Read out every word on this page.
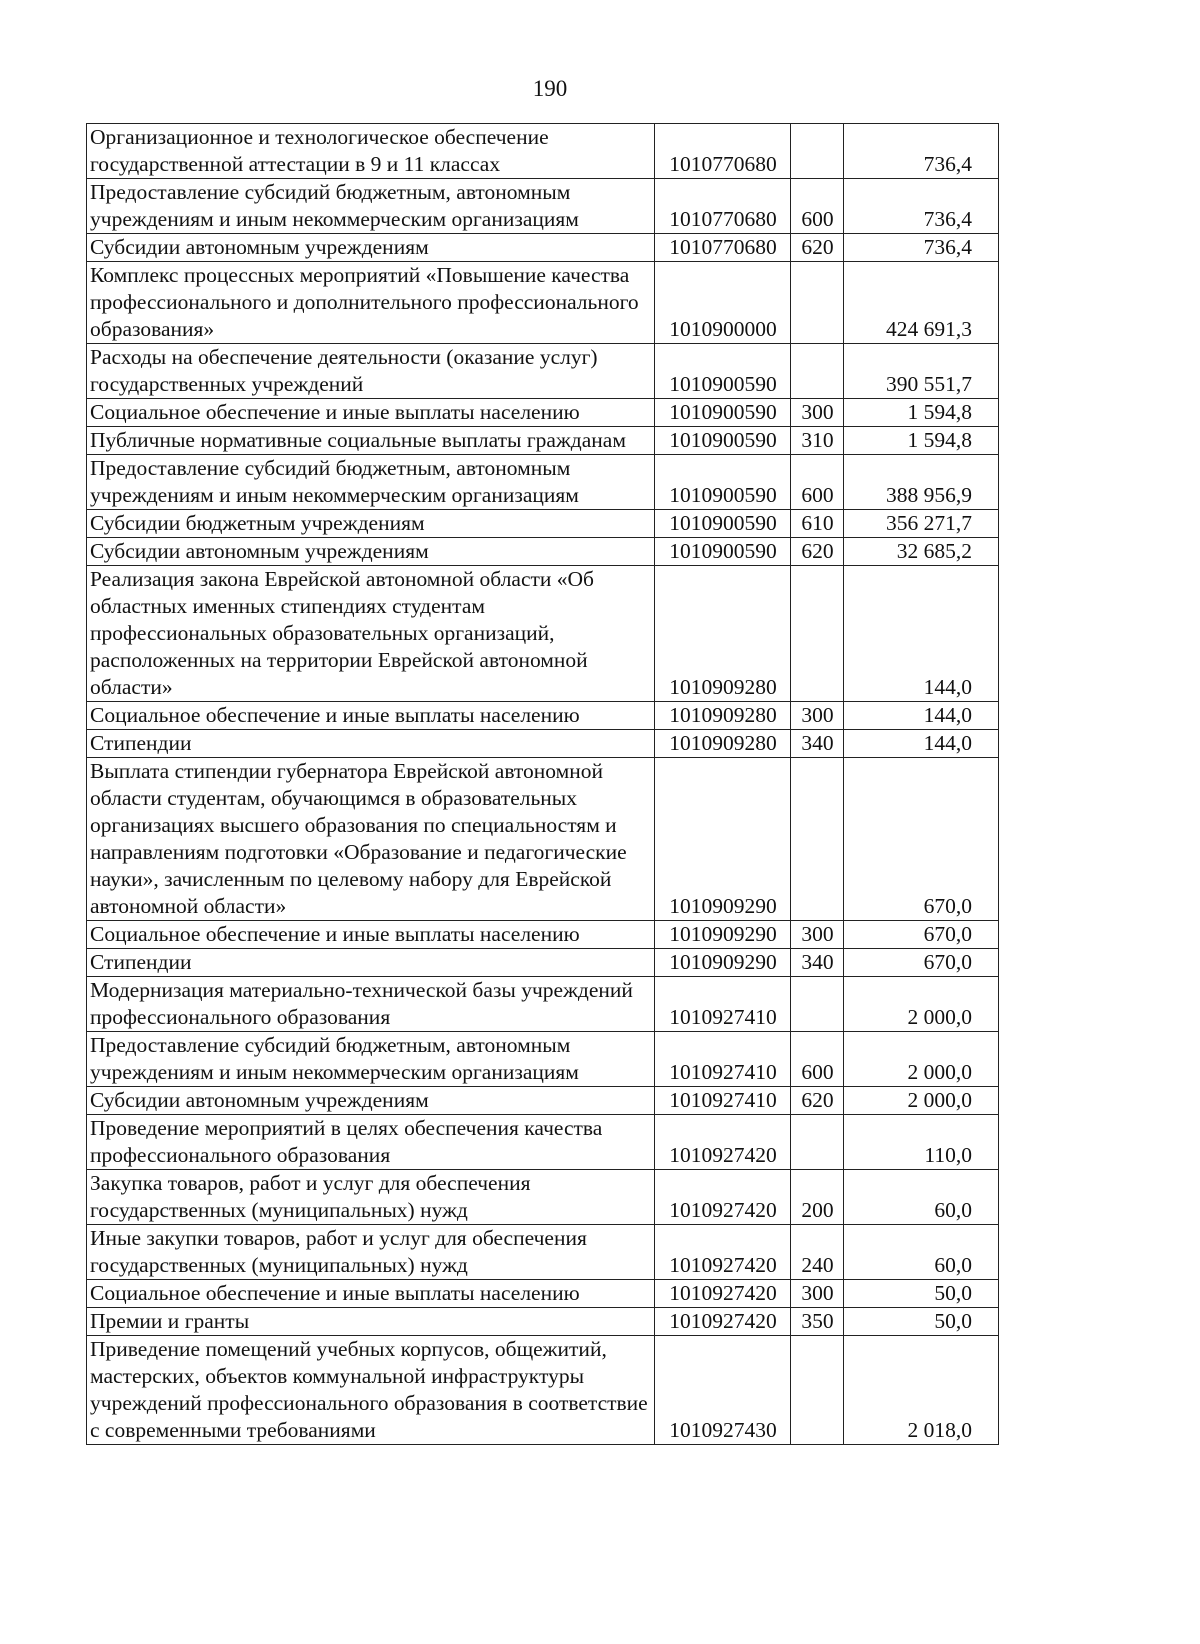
190
Организационное и технологическое обеспечение государственной аттестации в 9 и 11 классах	1010770680		736,4
Предоставление субсидий бюджетным, автономным учреждениям и иным некоммерческим организациям	1010770680	600	736,4
Субсидии автономным учреждениям	1010770680	620	736,4
Комплекс процессных мероприятий «Повышение качества профессионального и дополнительного профессионального образования»	1010900000		424 691,3
Расходы на обеспечение деятельности (оказание услуг) государственных учреждений	1010900590		390 551,7
Социальное обеспечение и иные выплаты населению	1010900590	300	1 594,8
Публичные нормативные социальные выплаты гражданам	1010900590	310	1 594,8
Предоставление субсидий бюджетным, автономным учреждениям и иным некоммерческим организациям	1010900590	600	388 956,9
Субсидии бюджетным учреждениям	1010900590	610	356 271,7
Субсидии автономным учреждениям	1010900590	620	32 685,2
Реализация закона Еврейской автономной области «Об областных именных стипендиях студентам профессиональных образовательных организаций, расположенных на территории Еврейской автономной области»	1010909280		144,0
Социальное обеспечение и иные выплаты населению	1010909280	300	144,0
Стипендии	1010909280	340	144,0
Выплата стипендии губернатора Еврейской автономной области студентам, обучающимся в образовательных организациях высшего образования по специальностям и направлениям подготовки «Образование и педагогические науки», зачисленным по целевому набору для Еврейской автономной области»	1010909290		670,0
Социальное обеспечение и иные выплаты населению	1010909290	300	670,0
Стипендии	1010909290	340	670,0
Модернизация материально-технической базы учреждений профессионального образования	1010927410		2 000,0
Предоставление субсидий бюджетным, автономным учреждениям и иным некоммерческим организациям	1010927410	600	2 000,0
Субсидии автономным учреждениям	1010927410	620	2 000,0
Проведение мероприятий в целях обеспечения качества профессионального образования	1010927420		110,0
Закупка товаров, работ и услуг для обеспечения государственных (муниципальных) нужд	1010927420	200	60,0
Иные закупки товаров, работ и услуг для обеспечения государственных (муниципальных) нужд	1010927420	240	60,0
Социальное обеспечение и иные выплаты населению	1010927420	300	50,0
Премии и гранты	1010927420	350	50,0
Приведение помещений учебных корпусов, общежитий, мастерских, объектов коммунальной инфраструктуры учреждений профессионального образования в соответствие с современными требованиями	1010927430		2 018,0
